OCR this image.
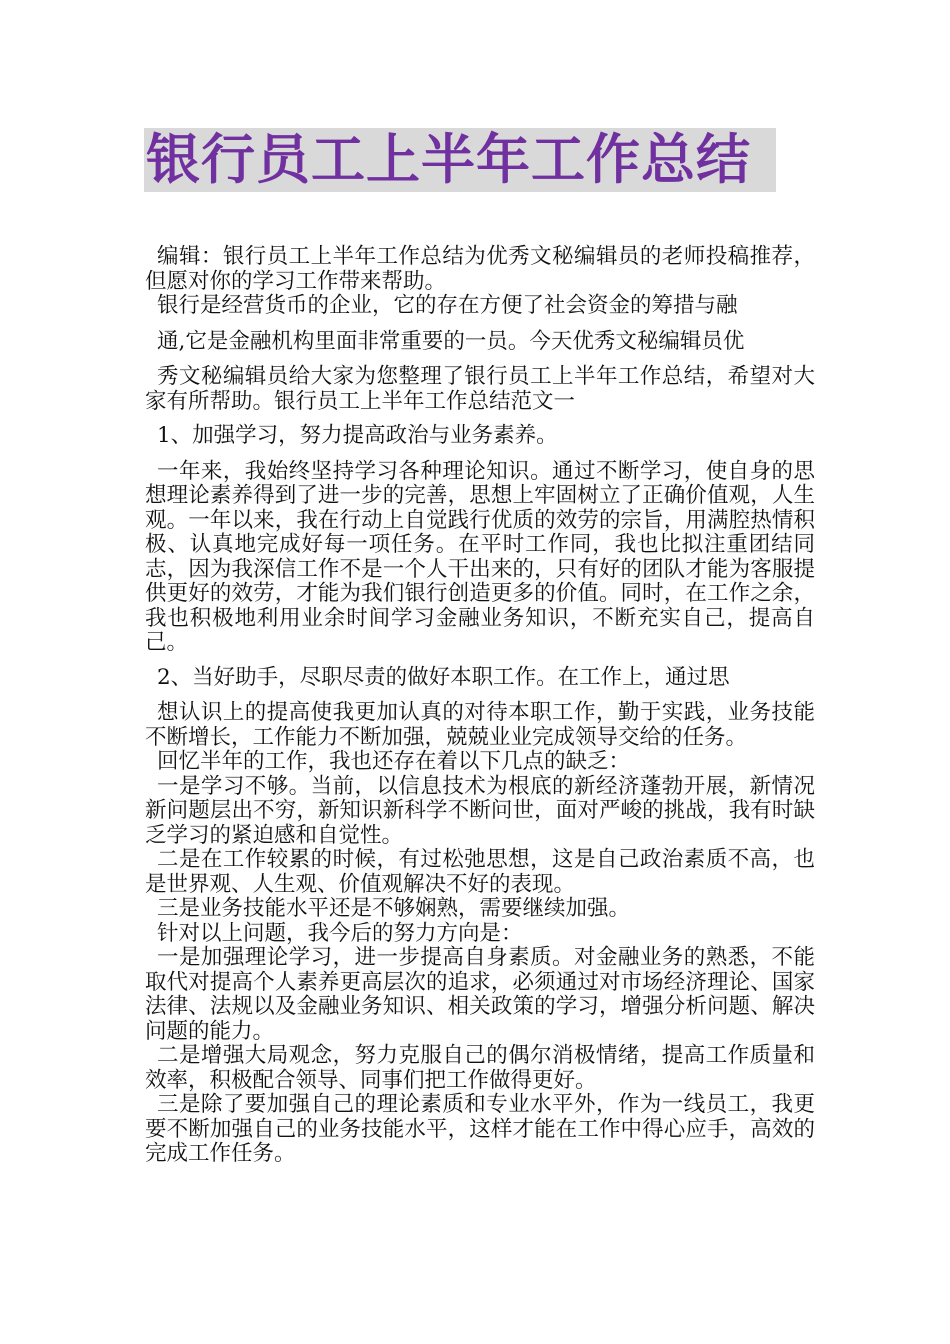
银行员工上半年工作总结

编辑：银行员工上半年工作总结为优秀文秘编辑员的老师投稿推荐，但愿对你的学习工作带来帮助。

银行是经营货币的企业，它的存在方便了社会资金的筹措与融

通,它是金融机构里面非常重要的一员。今天优秀文秘编辑员优

秀文秘编辑员给大家为您整理了银行员工上半年工作总结，希望对大家有所帮助。银行员工上半年工作总结范文一

1、加强学习，努力提高政治与业务素养。

一年来，我始终坚持学习各种理论知识。通过不断学习，使自身的思想理论素养得到了进一步的完善，思想上牢固树立了正确价值观，人生观。一年以来，我在行动上自觉践行优质的效劳的宗旨，用满腔热情积极、认真地完成好每一项任务。在平时工作同，我也比拟注重团结同志，因为我深信工作不是一个人干出来的，只有好的团队才能为客服提供更好的效劳，才能为我们银行创造更多的价值。同时，在工作之余，我也积极地利用业余时间学习金融业务知识，不断充实自己，提高自己。

2、当好助手，尽职尽责的做好本职工作。在工作上，通过思

想认识上的提高使我更加认真的对待本职工作，勤于实践，业务技能不断增长，工作能力不断加强，兢兢业业完成领导交给的任务。

回忆半年的工作，我也还存在着以下几点的缺乏：

一是学习不够。当前，以信息技术为根底的新经济蓬勃开展，新情况新问题层出不穷，新知识新科学不断问世，面对严峻的挑战，我有时缺乏学习的紧迫感和自觉性。

二是在工作较累的时候，有过松弛思想，这是自己政治素质不高，也是世界观、人生观、价值观解决不好的表现。

三是业务技能水平还是不够娴熟，需要继续加强。

针对以上问题，我今后的努力方向是：

一是加强理论学习，进一步提高自身素质。对金融业务的熟悉，不能取代对提高个人素养更高层次的追求，必须通过对市场经济理论、国家法律、法规以及金融业务知识、相关政策的学习，增强分析问题、解决问题的能力。

二是增强大局观念，努力克服自己的偶尔消极情绪，提高工作质量和效率，积极配合领导、同事们把工作做得更好。

三是除了要加强自己的理论素质和专业水平外，作为一线员工，我更要不断加强自己的业务技能水平，这样才能在工作中得心应手，高效的完成工作任务。
